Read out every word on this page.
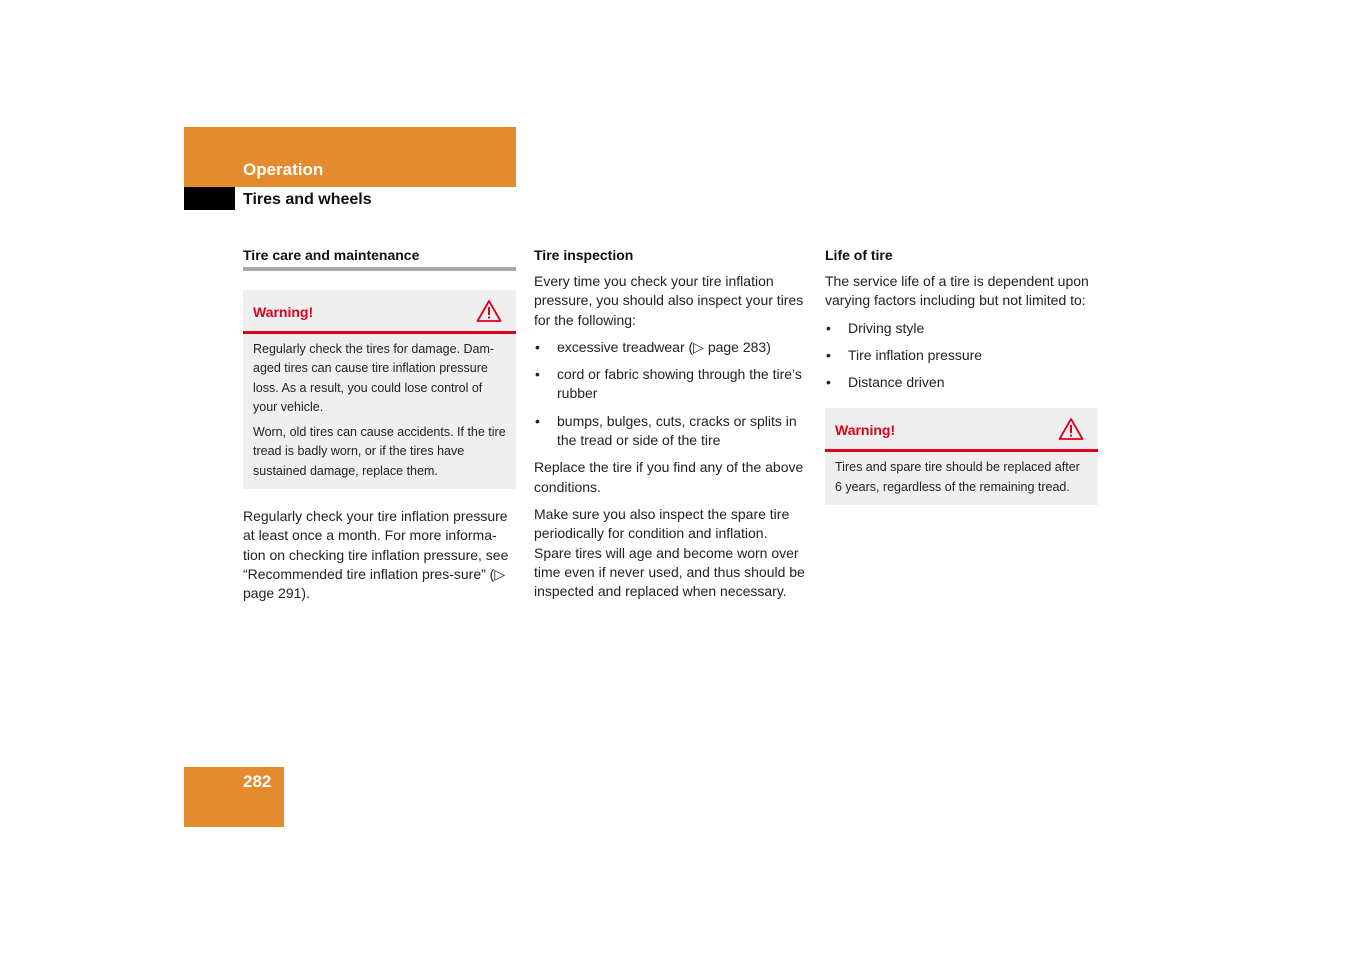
Operation
Tires and wheels

Tire care and maintenance

Warning!

Regularly check the tires for damage. Dam-aged tires can cause tire inflation pressure loss. As a result, you could lose control of your vehicle.

Worn, old tires can cause accidents. If the tire tread is badly worn, or if the tires have sustained damage, replace them.

Regularly check your tire inflation pressure at least once a month. For more informa-tion on checking tire inflation pressure, see “Recommended tire inflation pres-sure” (▷ page 291).

Tire inspection

Every time you check your tire inflation pressure, you should also inspect your tires for the following:

• excessive treadwear (▷ page 283)
• cord or fabric showing through the tire’s rubber
• bumps, bulges, cuts, cracks or splits in the tread or side of the tire

Replace the tire if you find any of the above conditions.

Make sure you also inspect the spare tire periodically for condition and inflation. Spare tires will age and become worn over time even if never used, and thus should be inspected and replaced when necessary.

Life of tire

The service life of a tire is dependent upon varying factors including but not limited to:

• Driving style
• Tire inflation pressure
• Distance driven
Warning!

Tires and spare tire should be replaced after 6 years, regardless of the remaining tread.

282
